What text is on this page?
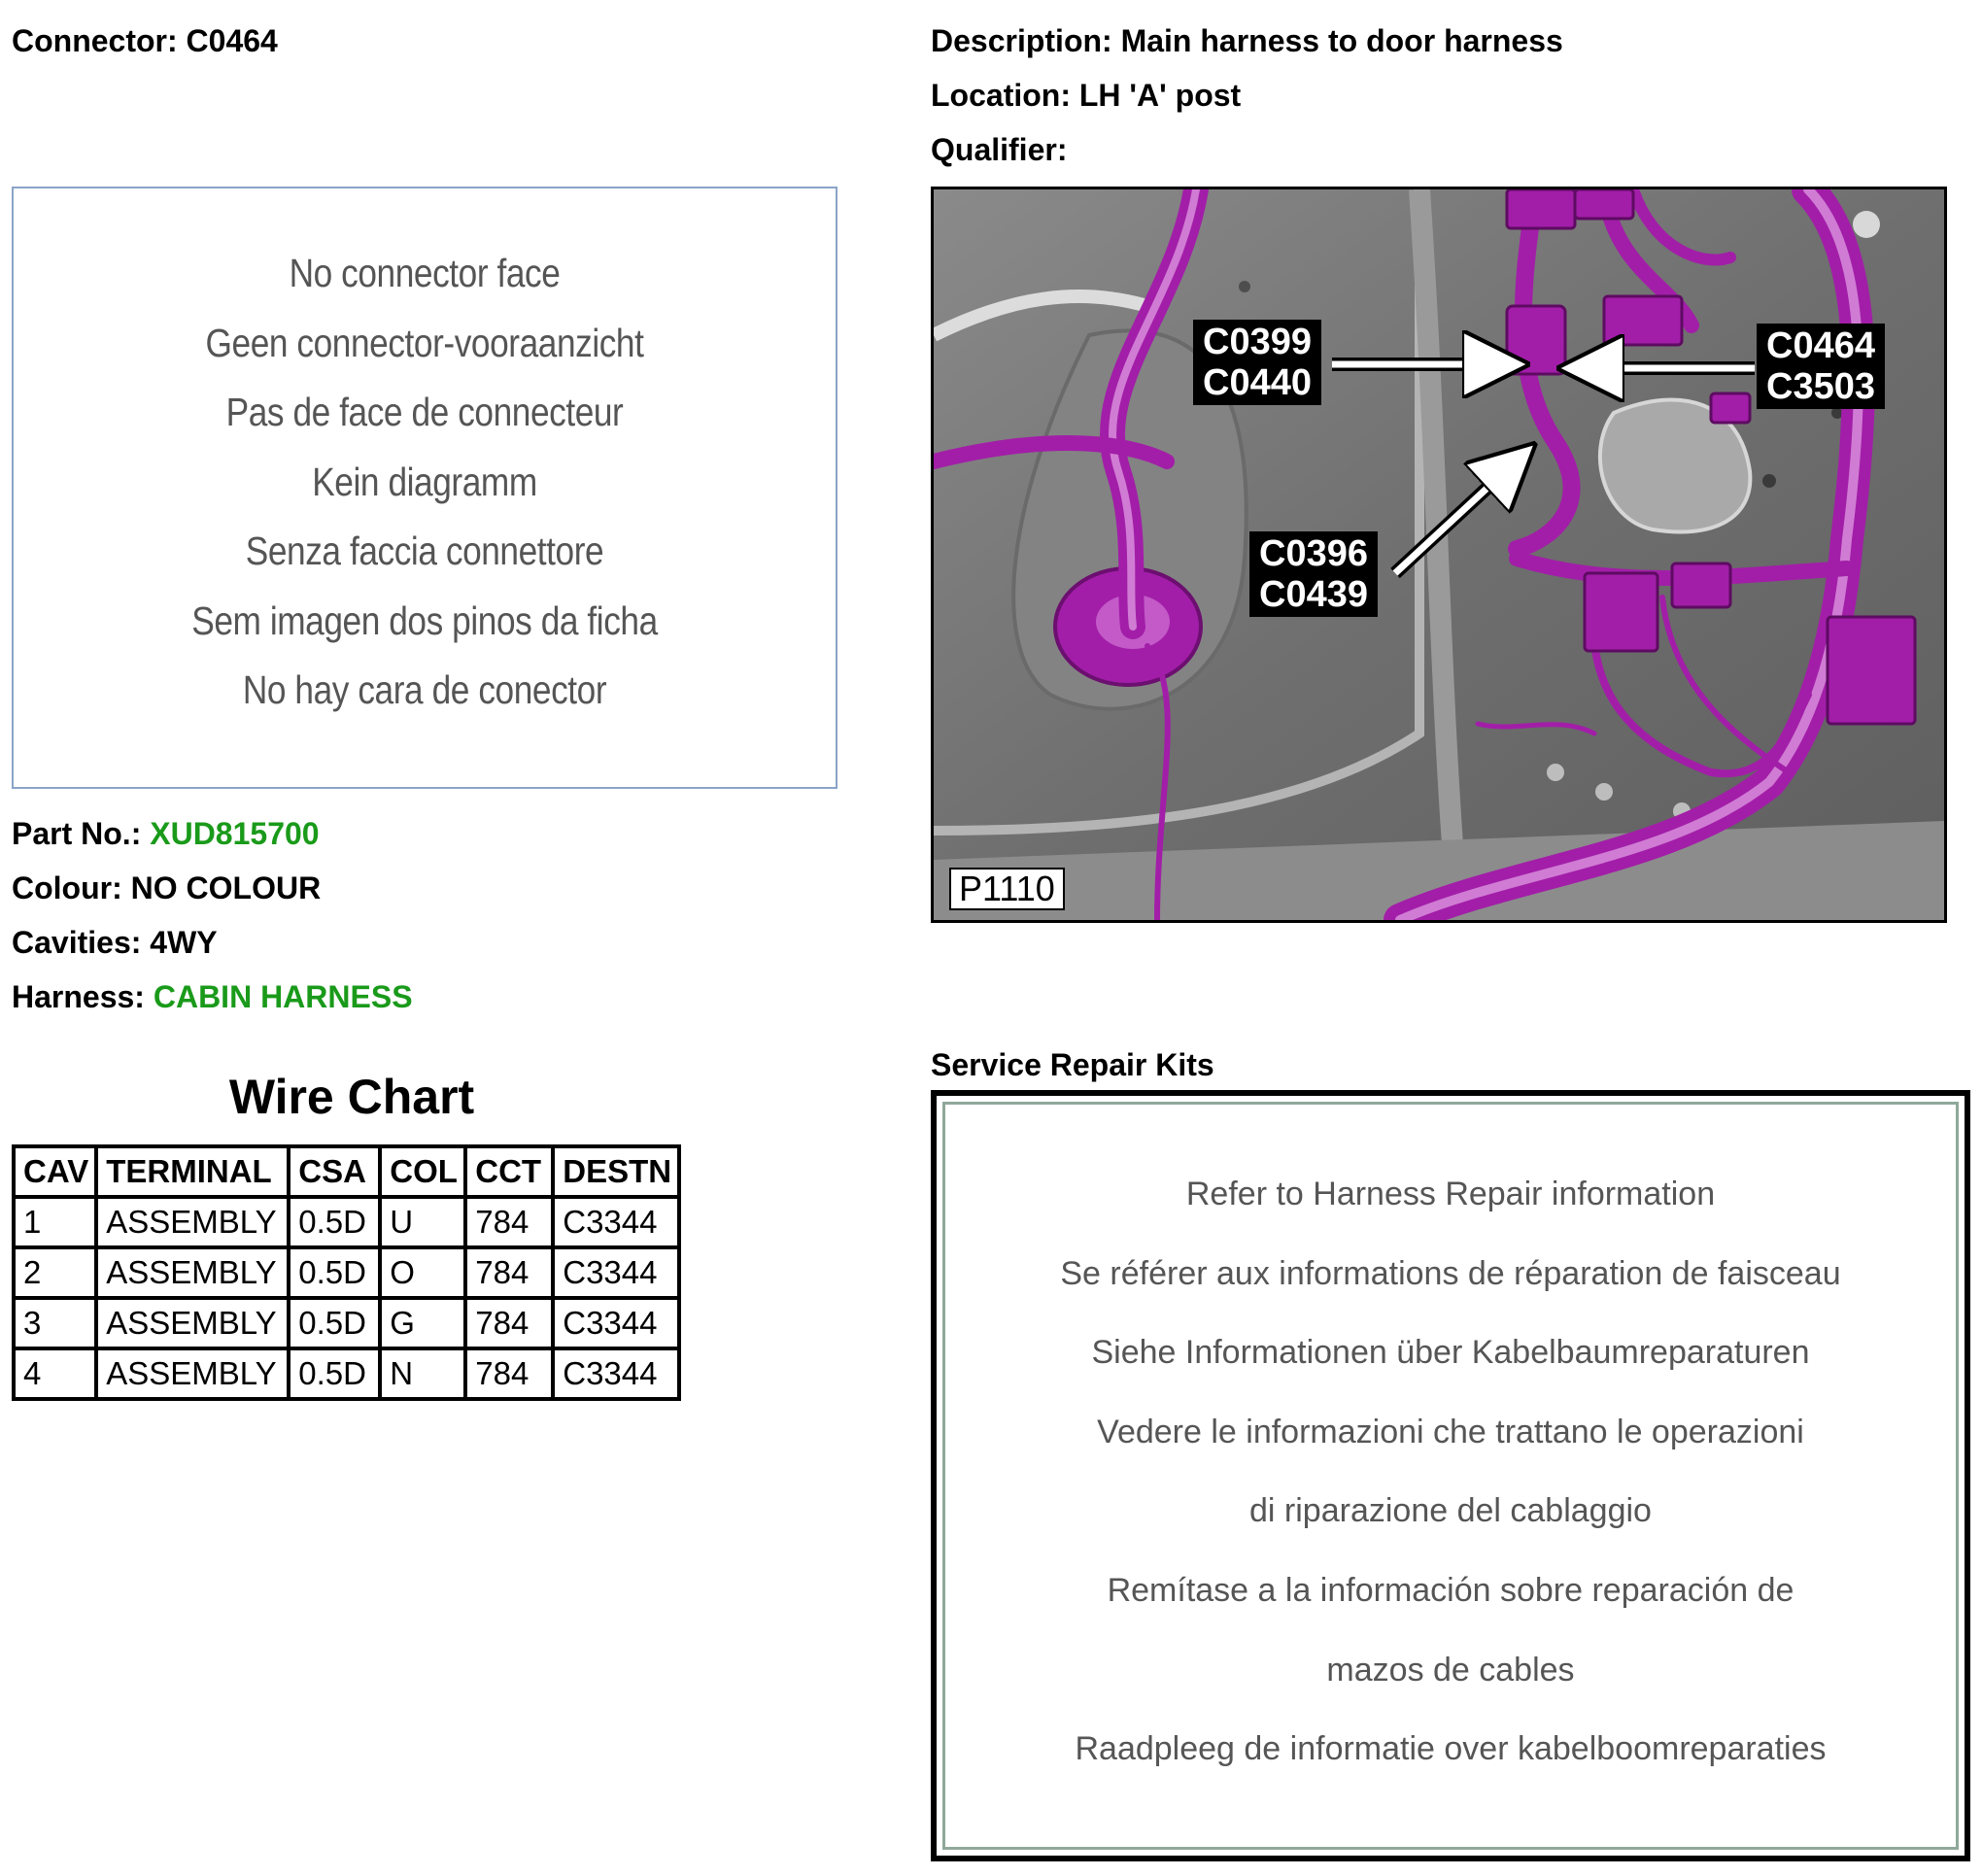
Connector: C0464	Description: Main harness to door harness
Location: LH 'A' post
Qualifier:
No connector face
Geen connector-vooraanzicht
Pas de face de connecteur
Kein diagramm
Senza faccia connettore
Sem imagen dos pinos da ficha
No hay cara de conector
Part No.: XUD815700
Colour: NO COLOUR
Cavities: 4WY
Harness: CABIN HARNESS
Wire Chart
CAV	TERMINAL	CSA	COL	CCT	DESTN
1	ASSEMBLY	0.5D	U	784	C3344
2	ASSEMBLY	0.5D	O	784	C3344
3	ASSEMBLY	0.5D	G	784	C3344
4	ASSEMBLY	0.5D	N	784	C3344
C0399
C0440
C0464
C3503
C0396
C0439
P1110
Service Repair Kits
Refer to Harness Repair information
Se référer aux informations de réparation de faisceau
Siehe Informationen über Kabelbaumreparaturen
Vedere le informazioni che trattano le operazioni
di riparazione del cablaggio
Remítase a la información sobre reparación de
mazos de cables
Raadpleeg de informatie over kabelboomreparaties
